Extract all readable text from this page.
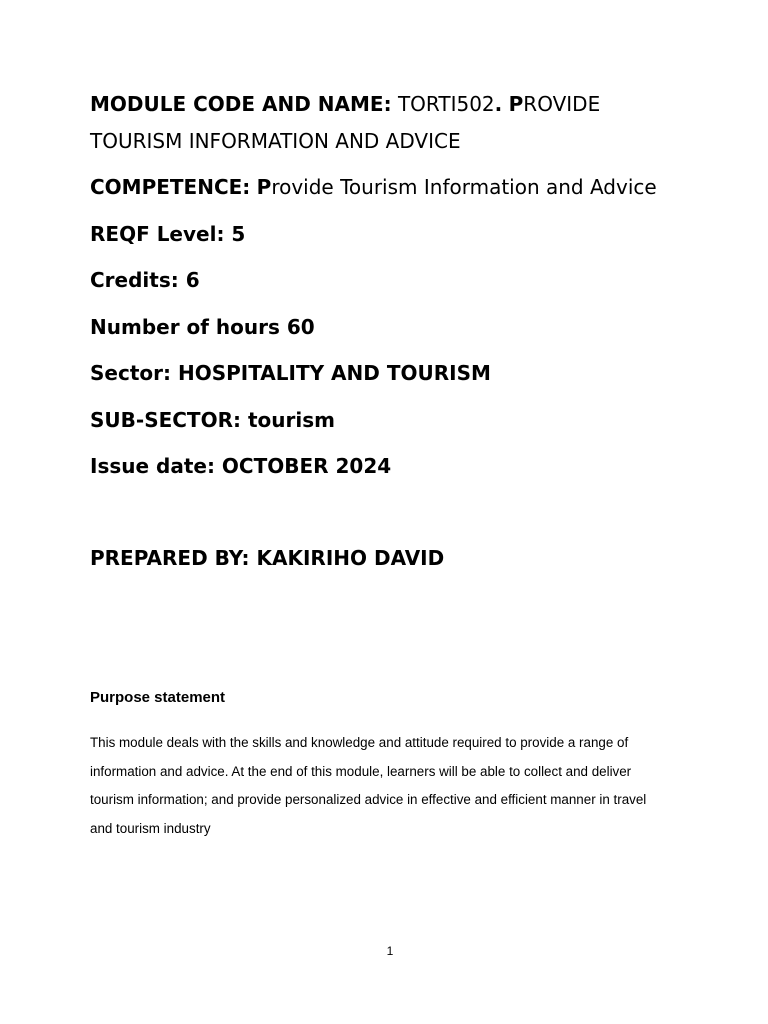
MODULE CODE AND NAME: TORTI502. PROVIDE

TOURISM INFORMATION AND ADVICE

COMPETENCE: Provide Tourism Information and Advice

REQF Level: 5

Credits: 6

Number of hours 60

Sector: HOSPITALITY AND TOURISM

SUB-SECTOR: tourism

Issue date: OCTOBER 2024

PREPARED BY: KAKIRIHO DAVID

Purpose statement

This module deals with the skills and knowledge and attitude required to provide a range of
information and advice. At the end of this module, learners will be able to collect and deliver
tourism information; and provide personalized advice in effective and efficient manner in travel
and tourism industry

1
